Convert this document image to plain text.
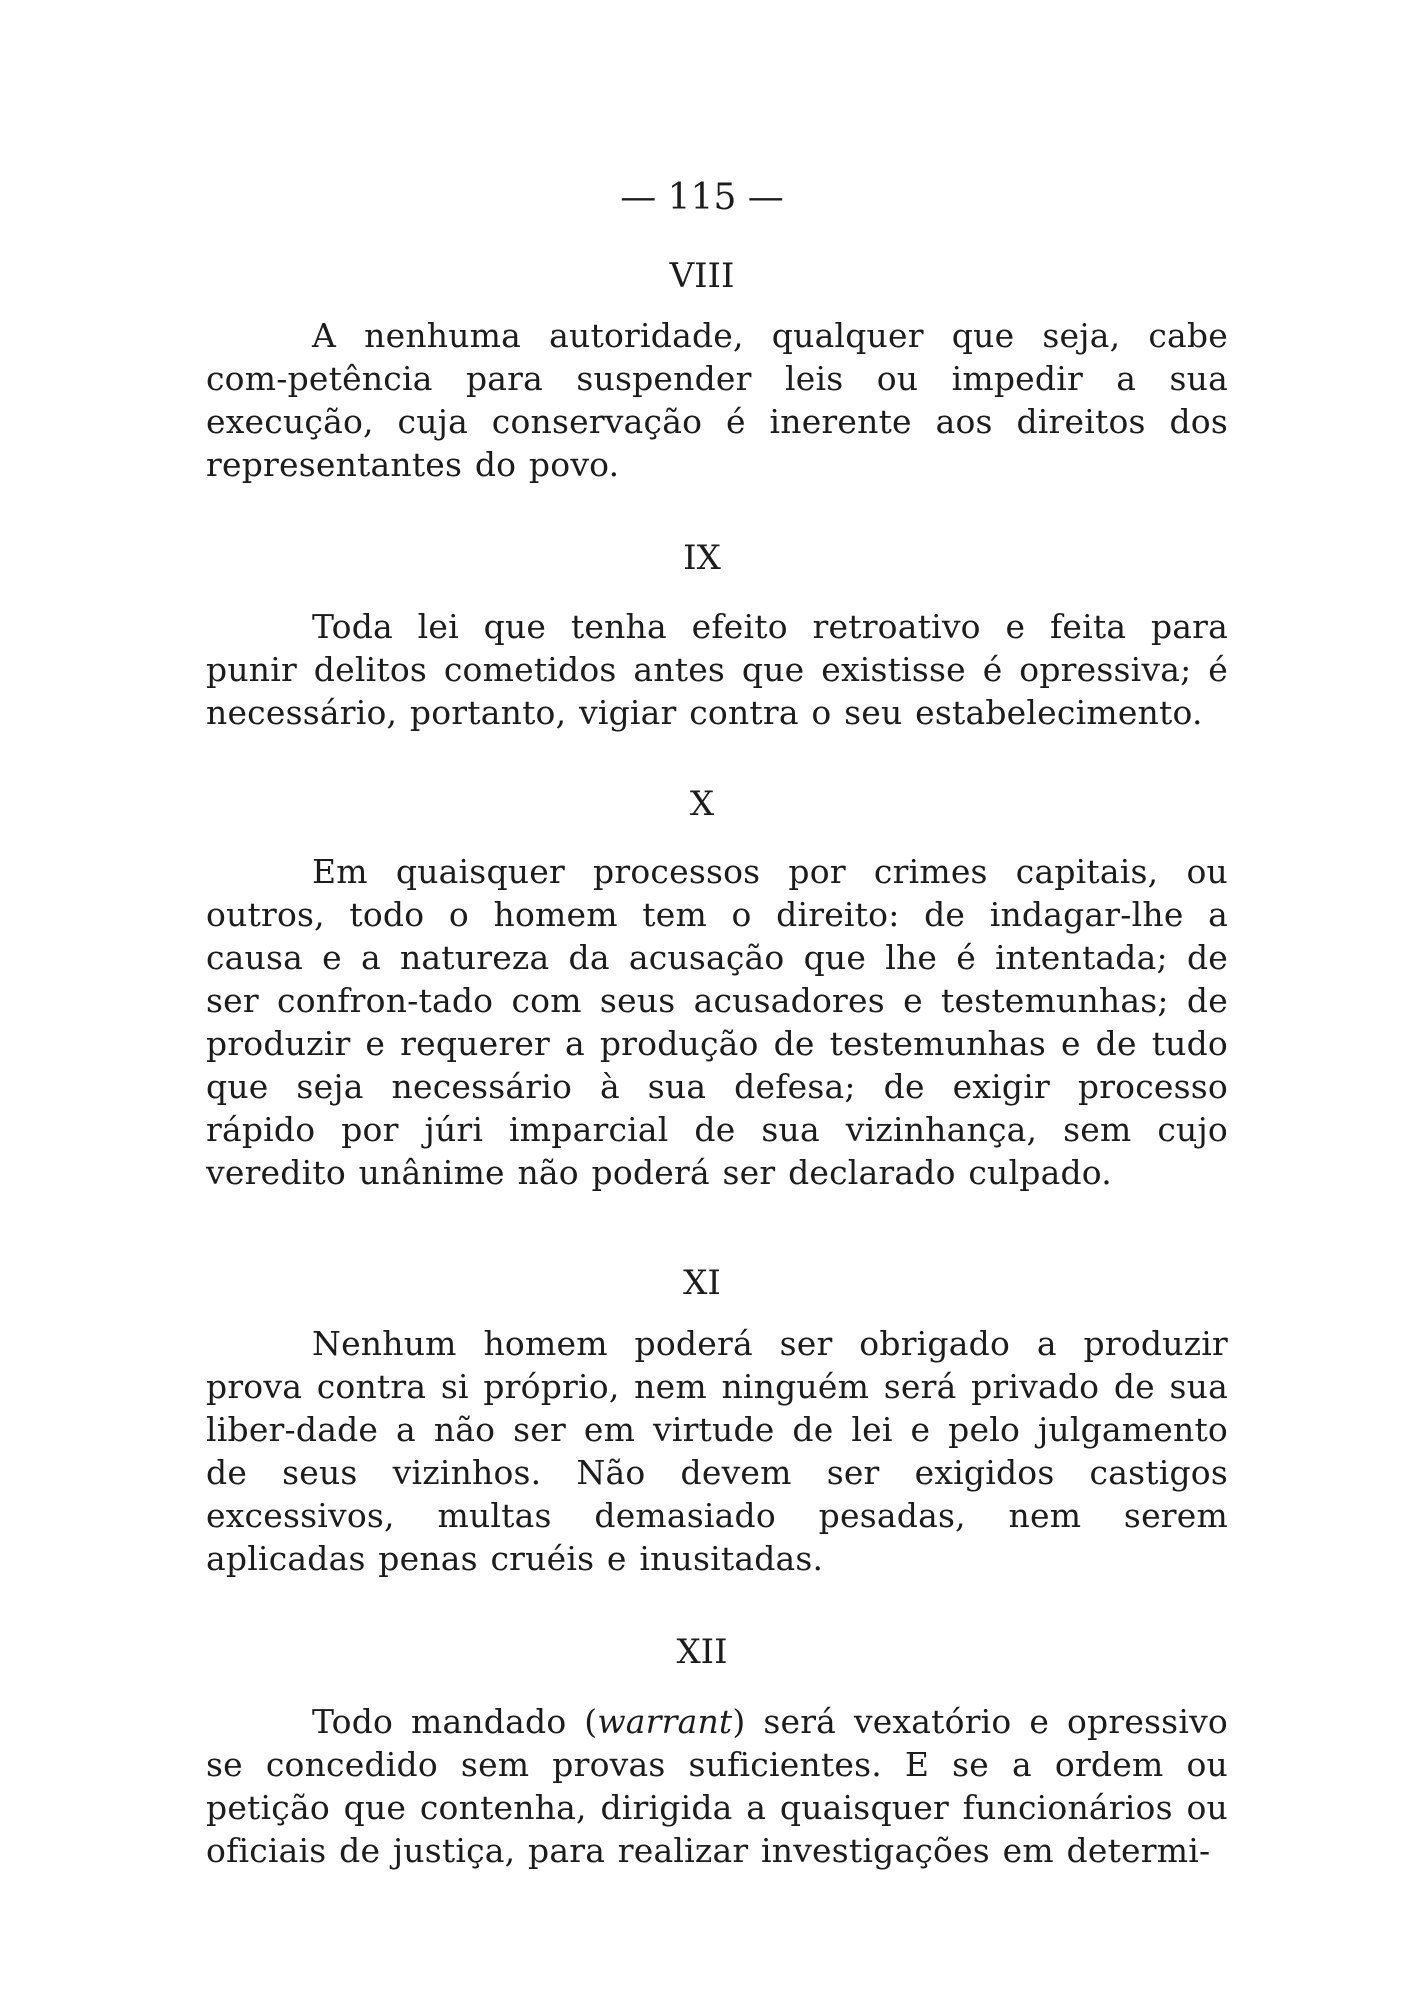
— 115 —
VIII

A nenhuma autoridade, qualquer que seja, cabe com-petência para suspender leis ou impedir a sua execução, cuja conservação é inerente aos direitos dos representantes do povo.

IX

Toda lei que tenha efeito retroativo e feita para punir delitos cometidos antes que existisse é opressiva; é necessário, portanto, vigiar contra o seu estabelecimento.

X

Em quaisquer processos por crimes capitais, ou outros, todo o homem tem o direito: de indagar-lhe a causa e a natureza da acusação que lhe é intentada; de ser confron-tado com seus acusadores e testemunhas; de produzir e requerer a produção de testemunhas e de tudo que seja necessário à sua defesa; de exigir processo rápido por júri imparcial de sua vizinhança, sem cujo veredito unânime não poderá ser declarado culpado.

XI

Nenhum homem poderá ser obrigado a produzir prova contra si próprio, nem ninguém será privado de sua liber-dade a não ser em virtude de lei e pelo julgamento de seus vizinhos. Não devem ser exigidos castigos excessivos, multas demasiado pesadas, nem serem aplicadas penas cruéis e inusitadas.

XII

Todo mandado (warrant) será vexatório e opressivo se concedido sem provas suficientes. E se a ordem ou petição que contenha, dirigida a quaisquer funcionários ou oficiais de justiça, para realizar investigações em determi-
